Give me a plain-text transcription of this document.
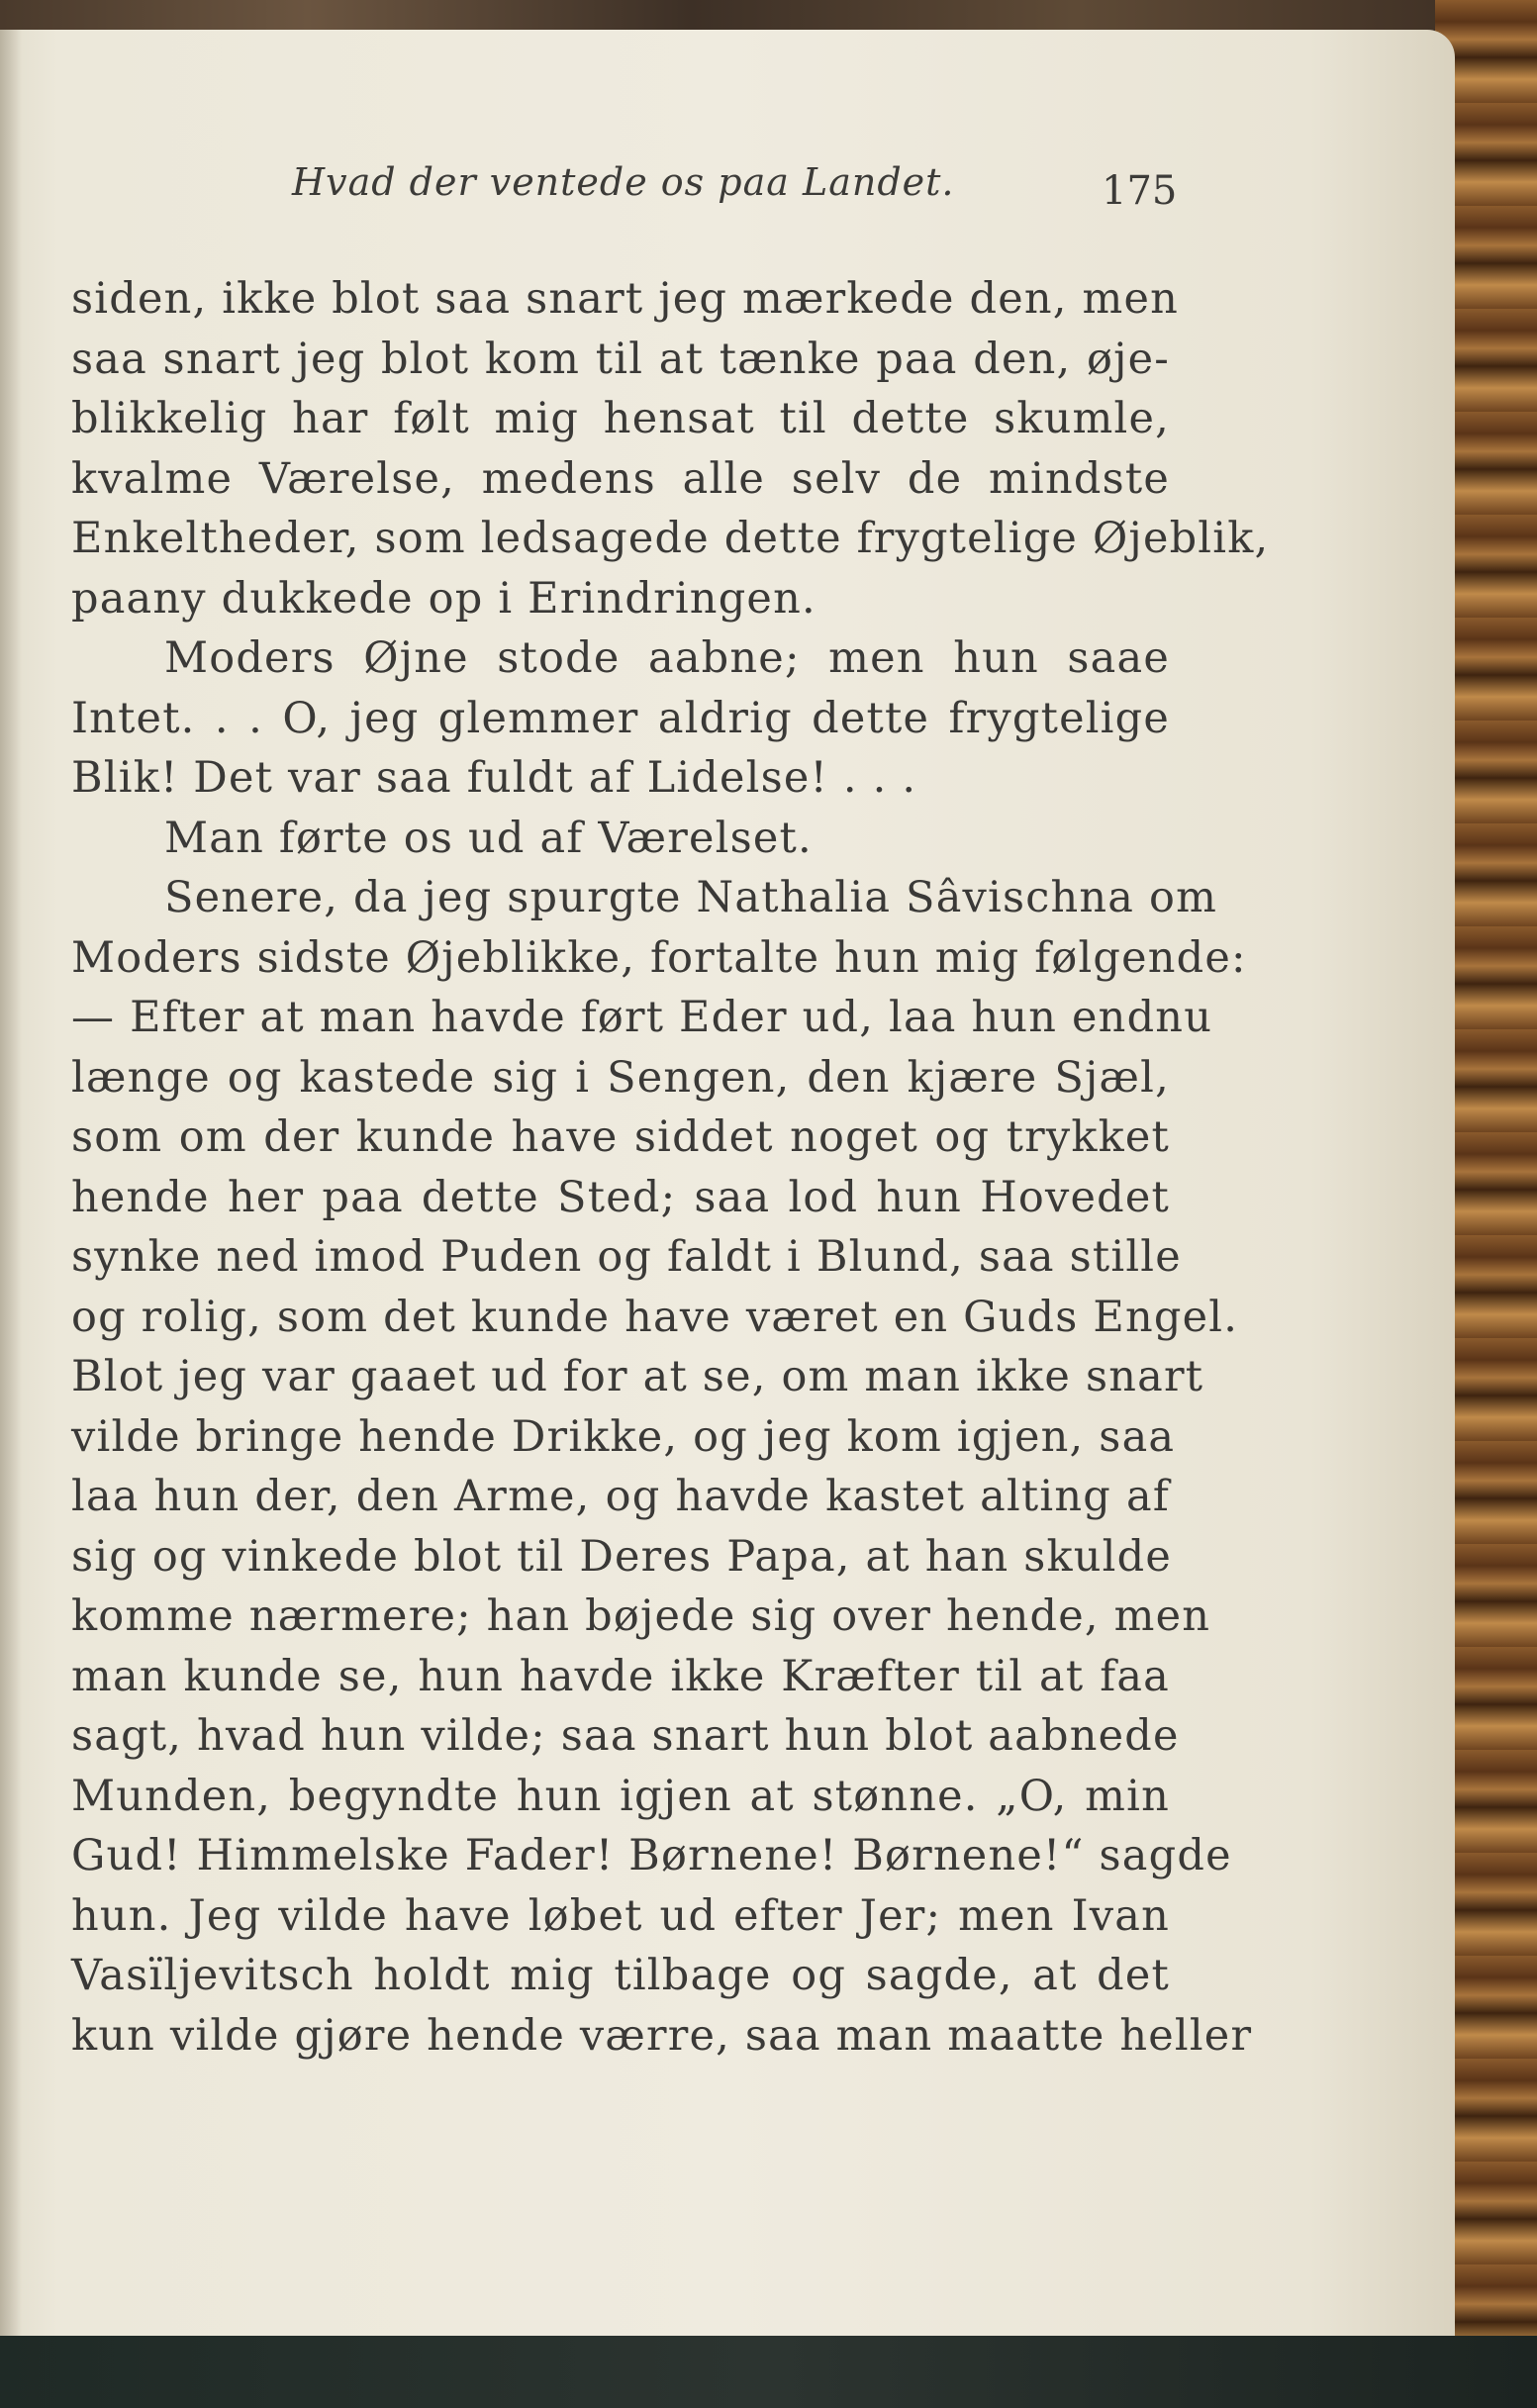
Hvad der ventede os paa Landet.	175
siden, ikke blot saa snart jeg mærkede den, men
saa snart jeg blot kom til at tænke paa den, øje-
blikkelig har følt mig hensat til dette skumle,
kvalme Værelse, medens alle selv de mindste
Enkeltheder, som ledsagede dette frygtelige Øjeblik,
paany dukkede op i Erindringen.
Moders Øjne stode aabne; men hun saae
Intet. . . O, jeg glemmer aldrig dette frygtelige
Blik! Det var saa fuldt af Lidelse! . . .
Man førte os ud af Værelset.
Senere, da jeg spurgte Nathalia Sâvischna om
Moders sidste Øjeblikke, fortalte hun mig følgende:
— Efter at man havde ført Eder ud, laa hun endnu
længe og kastede sig i Sengen, den kjære Sjæl,
som om der kunde have siddet noget og trykket
hende her paa dette Sted; saa lod hun Hovedet
synke ned imod Puden og faldt i Blund, saa stille
og rolig, som det kunde have været en Guds Engel.
Blot jeg var gaaet ud for at se, om man ikke snart
vilde bringe hende Drikke, og jeg kom igjen, saa
laa hun der, den Arme, og havde kastet alting af
sig og vinkede blot til Deres Papa, at han skulde
komme nærmere; han bøjede sig over hende, men
man kunde se, hun havde ikke Kræfter til at faa
sagt, hvad hun vilde; saa snart hun blot aabnede
Munden, begyndte hun igjen at stønne. „O, min
Gud! Himmelske Fader! Børnene! Børnene!“ sagde
hun. Jeg vilde have løbet ud efter Jer; men Ivan
Vasïljevitsch holdt mig tilbage og sagde, at det
kun vilde gjøre hende værre, saa man maatte heller
